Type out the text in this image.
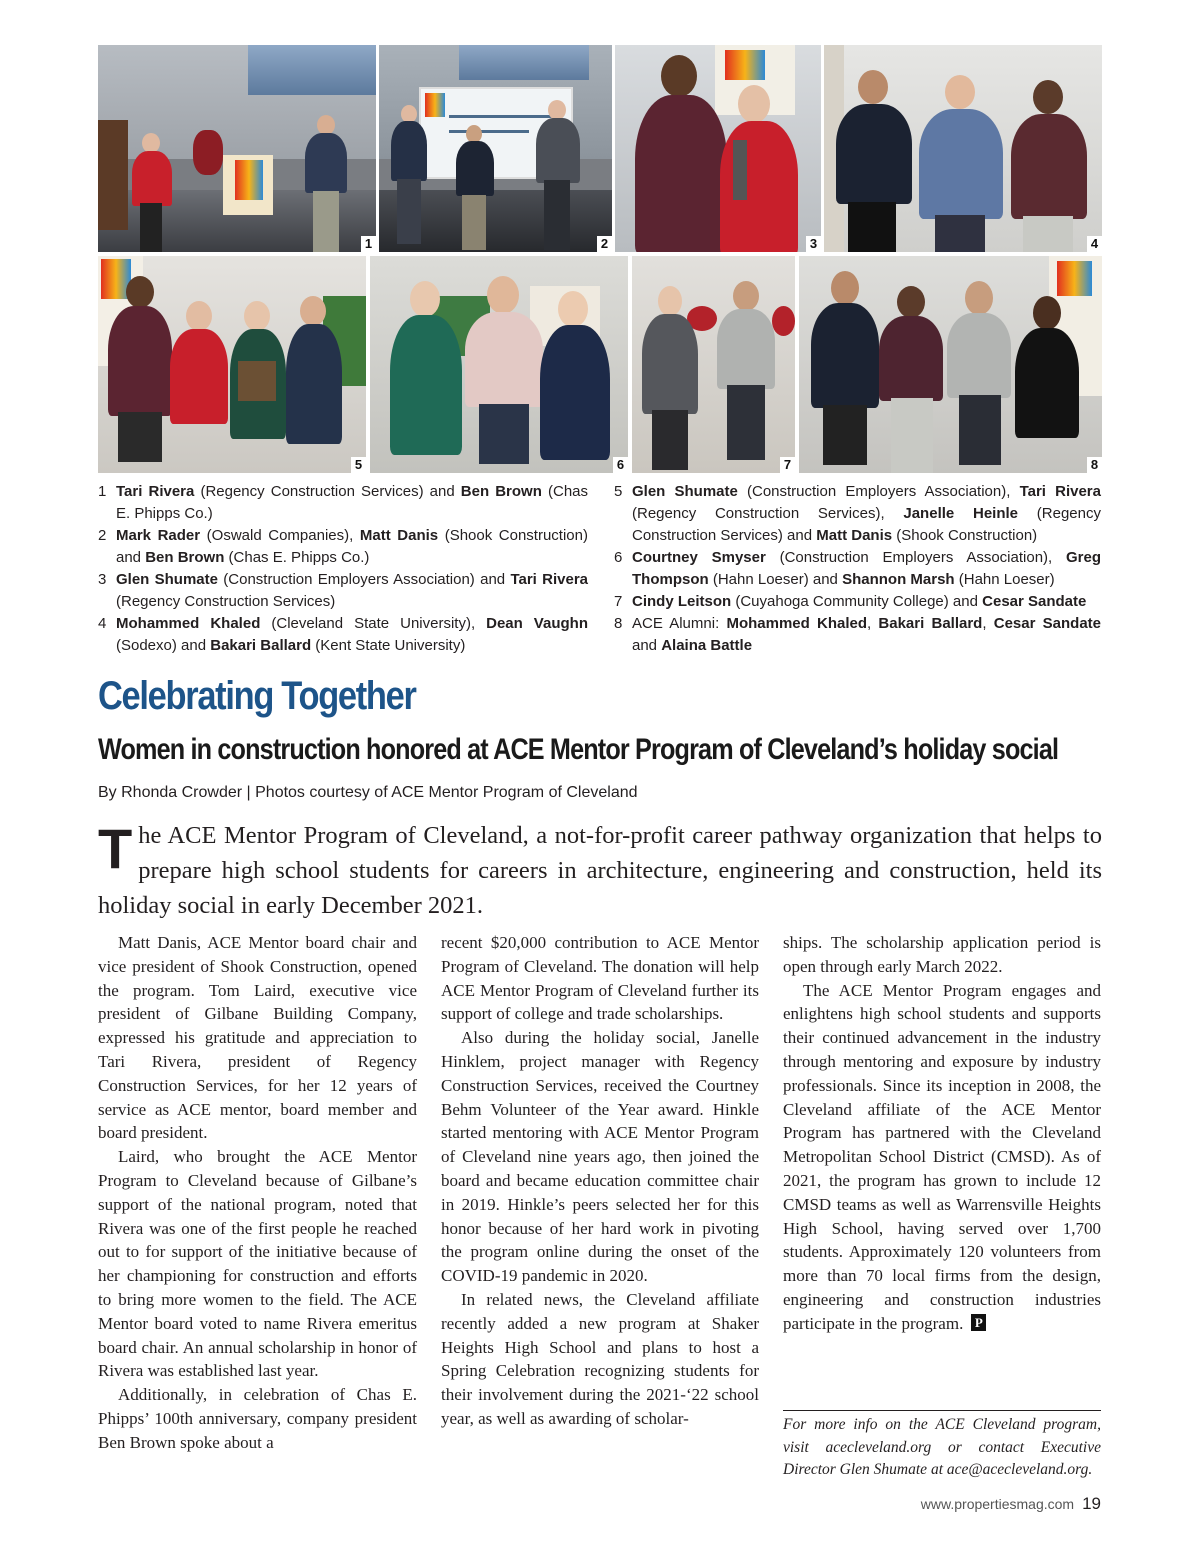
1	2	3	4
5	6	7	8
1 Tari Rivera (Regency Construction Services) and Ben Brown (Chas E. Phipps Co.)
2 Mark Rader (Oswald Companies), Matt Danis (Shook Construction) and Ben Brown (Chas E. Phipps Co.)
3 Glen Shumate (Construction Employers Association) and Tari Rivera (Regency Construction Services)
4 Mohammed Khaled (Cleveland State University), Dean Vaughn (Sodexo) and Bakari Ballard (Kent State University)
5 Glen Shumate (Construction Employers Association), Tari Rivera (Regency Construction Services), Janelle Heinle (Regency Construction Services) and Matt Danis (Shook Construction)
6 Courtney Smyser (Construction Employers Association), Greg Thompson (Hahn Loeser) and Shannon Marsh (Hahn Loeser)
7 Cindy Leitson (Cuyahoga Community College) and Cesar Sandate
8 ACE Alumni: Mohammed Khaled, Bakari Ballard, Cesar Sandate and Alaina Battle
Celebrating Together
Women in construction honored at ACE Mentor Program of Cleveland’s holiday social
By Rhonda Crowder | Photos courtesy of ACE Mentor Program of Cleveland

The ACE Mentor Program of Cleveland, a not-for-profit career pathway organization that helps to prepare high school students for careers in architecture, engineering and construction, held its holiday social in early December 2021.

Matt Danis, ACE Mentor board chair and vice president of Shook Construction, opened the program. Tom Laird, executive vice president of Gilbane Building Company, expressed his gratitude and appreciation to Tari Rivera, president of Regency Construction Services, for her 12 years of service as ACE mentor, board member and board president.

Laird, who brought the ACE Mentor Program to Cleveland because of Gilbane’s support of the national program, noted that Rivera was one of the first people he reached out to for support of the initiative because of her championing for construction and efforts to bring more women to the field. The ACE Mentor board voted to name Rivera emeritus board chair. An annual scholarship in honor of Rivera was established last year.

Additionally, in celebration of Chas E. Phipps’ 100th anniversary, company president Ben Brown spoke about a

recent $20,000 contribution to ACE Mentor Program of Cleveland. The donation will help ACE Mentor Program of Cleveland further its support of college and trade scholarships.

Also during the holiday social, Janelle Hinklem, project manager with Regency Construction Services, received the Courtney Behm Volunteer of the Year award. Hinkle started mentoring with ACE Mentor Program of Cleveland nine years ago, then joined the board and became education committee chair in 2019. Hinkle’s peers selected her for this honor because of her hard work in pivoting the program online during the onset of the COVID-19 pandemic in 2020.

In related news, the Cleveland affiliate recently added a new program at Shaker Heights High School and plans to host a Spring Celebration recognizing students for their involvement during the 2021-‘22 school year, as well as awarding of scholar-

ships. The scholarship application period is open through early March 2022.

The ACE Mentor Program engages and enlightens high school students and supports their continued advancement in the industry through mentoring and exposure by industry professionals. Since its inception in 2008, the Cleveland affiliate of the ACE Mentor Program has partnered with the Cleveland Metropolitan School District (CMSD). As of 2021, the program has grown to include 12 CMSD teams as well as Warrensville Heights High School, having served over 1,700 students. Approximately 120 volunteers from more than 70 local firms from the design, engineering and construction industries participate in the program. P

For more info on the ACE Cleveland program, visit acecleveland.org or contact Executive Director Glen Shumate at ace@acecleveland.org.

www.propertiesmag.com 19
